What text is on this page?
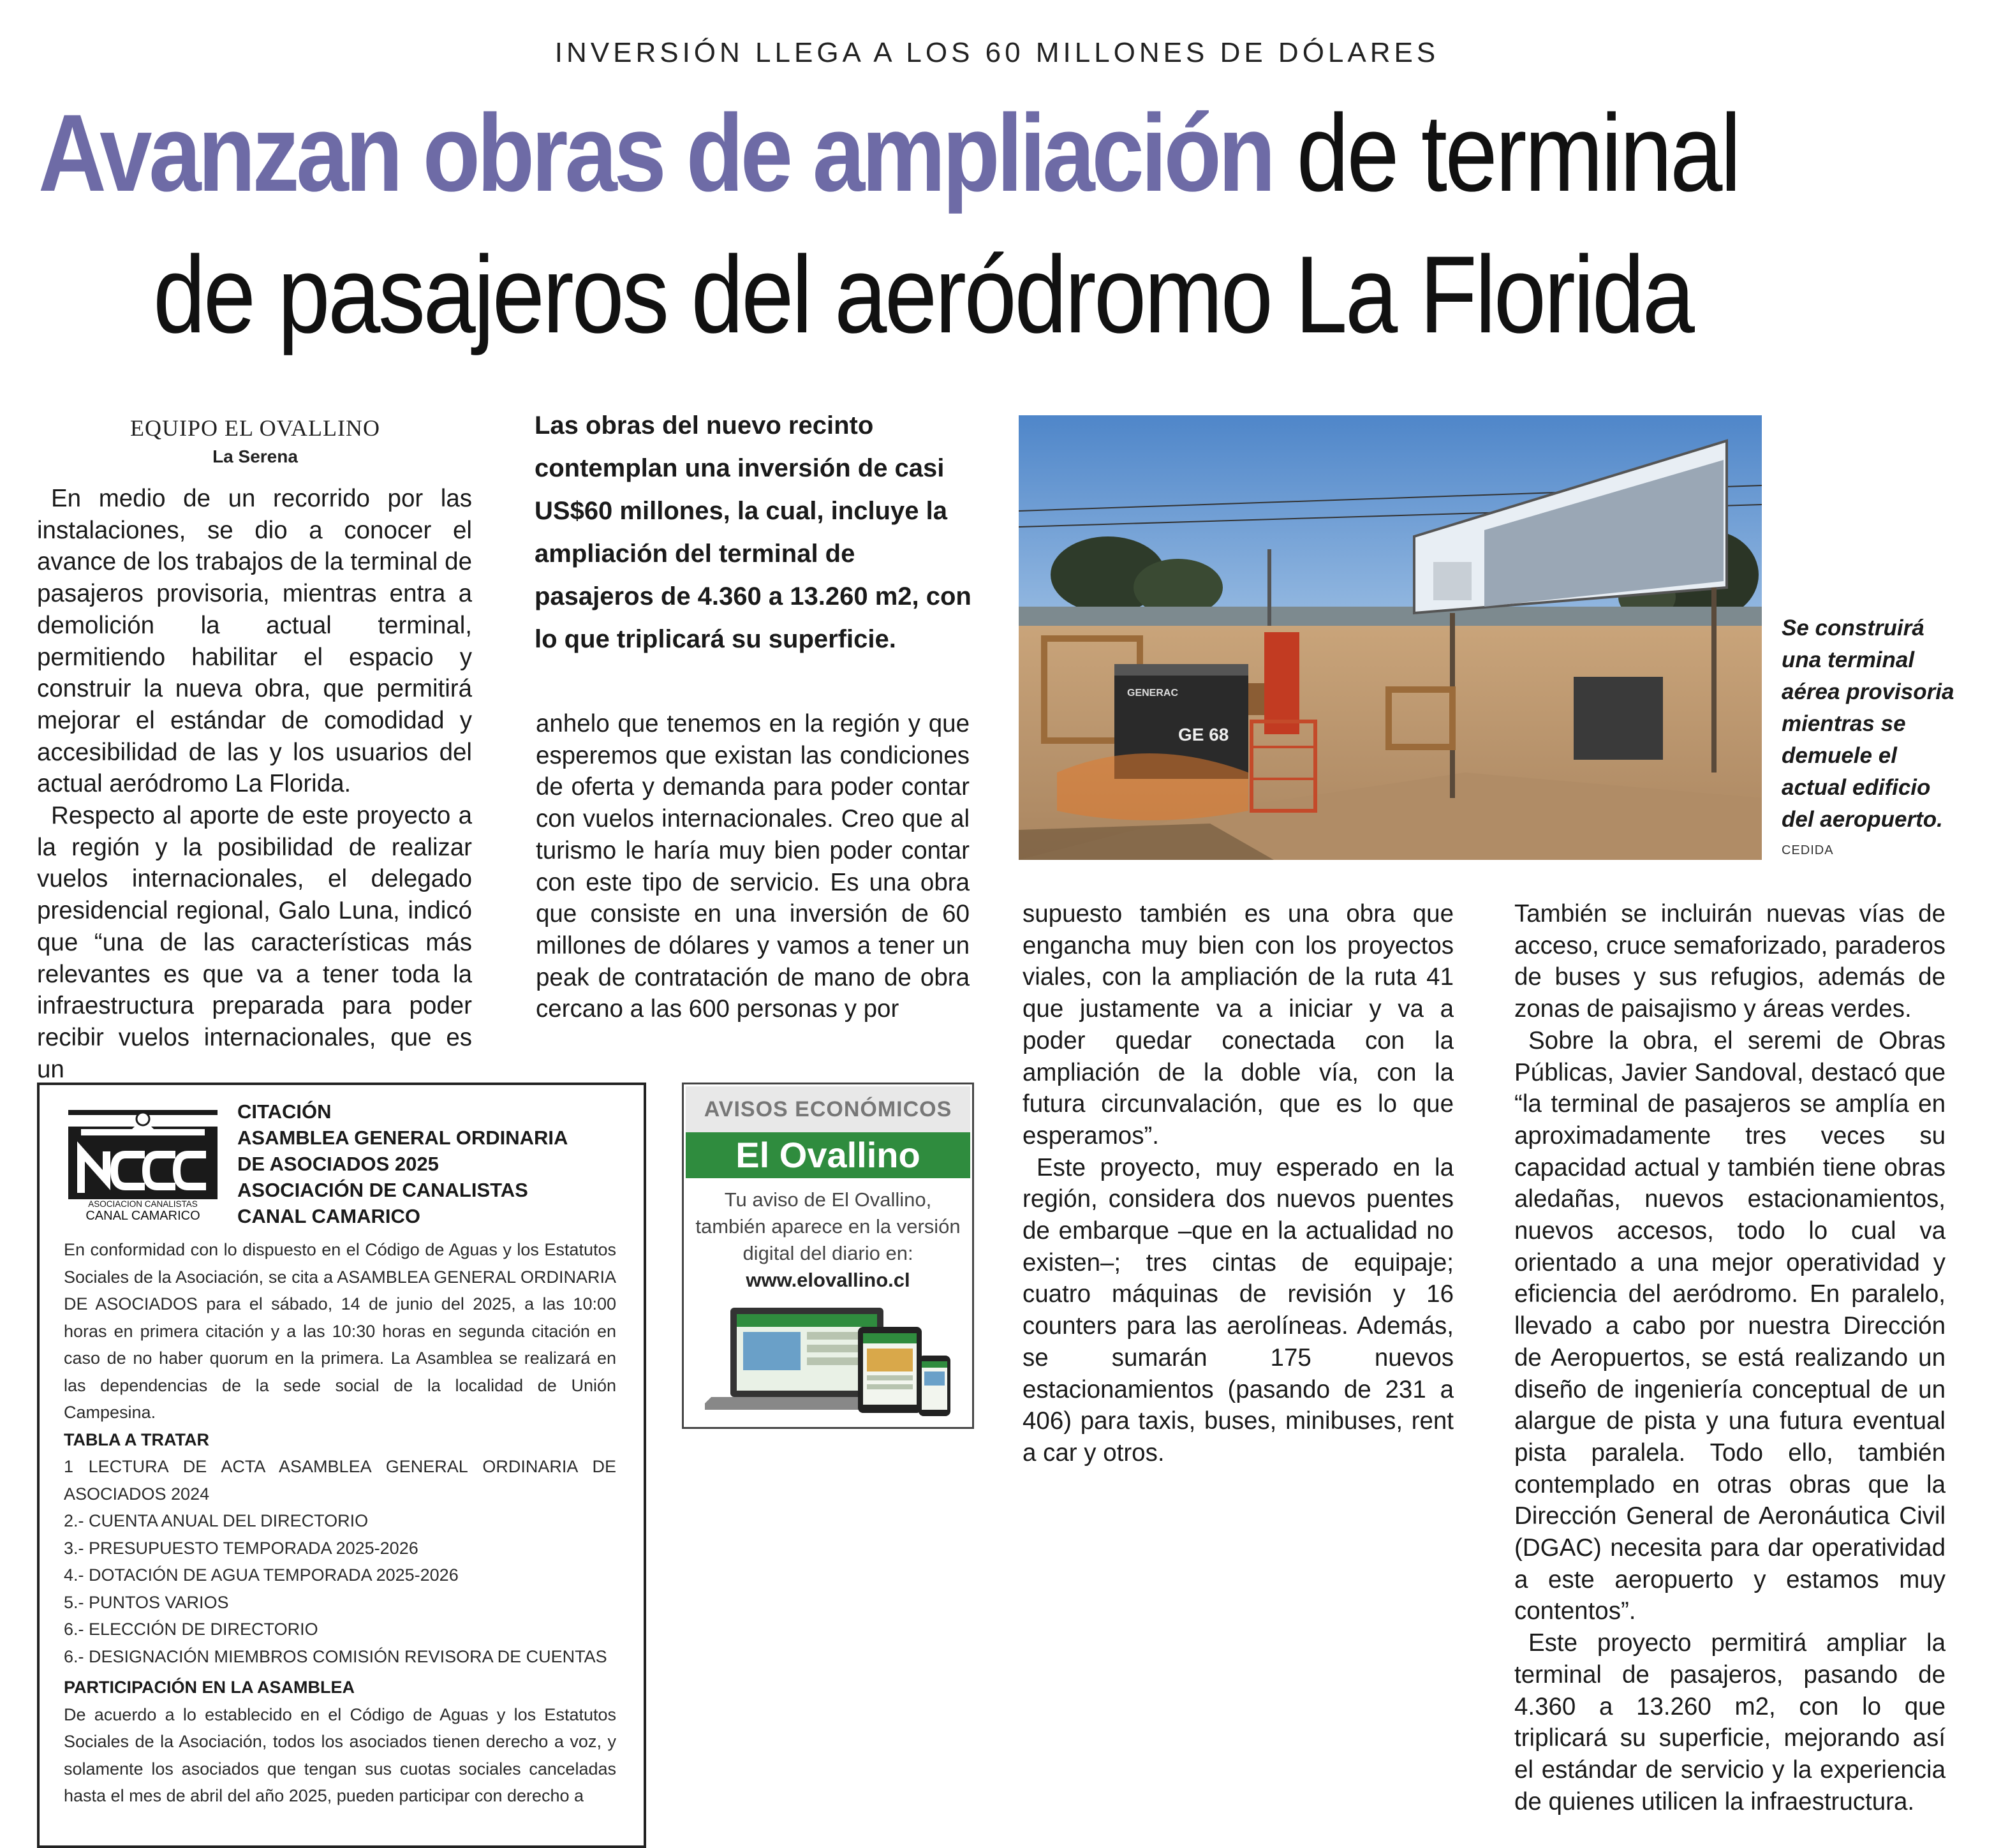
INVERSIÓN LLEGA A LOS 60 MILLONES DE DÓLARES
Avanzan obras de ampliación de terminal
de pasajeros del aeródromo La Florida
EQUIPO EL OVALLINO
La Serena

En medio de un recorrido por las instalaciones, se dio a conocer el avance de los trabajos de la terminal de pasajeros provisoria, mientras entra a demolición la actual terminal, permitiendo habilitar el espacio y construir la nueva obra, que permitirá mejorar el estándar de comodidad y accesibilidad de las y los usuarios del actual aeródromo La Florida.

Respecto al aporte de este proyecto a la región y la posibilidad de realizar vuelos internacionales, el delegado presidencial regional, Galo Luna, indicó que “una de las características más relevantes es que va a tener toda la infraestructura preparada para poder recibir vuelos internacionales, que es un

Las obras del nuevo recinto contemplan una inversión de casi US$60 millones, la cual, incluye la ampliación del terminal de pasajeros de 4.360 a 13.260 m2, con lo que triplicará su superficie.

anhelo que tenemos en la región y que esperemos que existan las condiciones de oferta y demanda para poder contar con vuelos internacionales. Creo que al turismo le haría muy bien poder contar con este tipo de servicio. Es una obra que consiste en una inversión de 60 millones de dólares y vamos a tener un peak de contratación de mano de obra cercano a las 600 personas y por

GENERAC
GE 68
Se construirá una terminal aérea provisoria mientras se demuele el actual edificio del aeropuerto.
CEDIDA

supuesto también es una obra que engancha muy bien con los proyectos viales, con la ampliación de la ruta 41 que justamente va a iniciar y va a poder quedar conectada con la ampliación de la doble vía, con la futura circunvalación, que es lo que esperamos”.

Este proyecto, muy esperado en la región, considera dos nuevos puentes de embarque –que en la actualidad no existen–; tres cintas de equipaje; cuatro máquinas de revisión y 16 counters para las aerolíneas. Además, se sumarán 175 nuevos estacionamientos (pasando de 231 a 406) para taxis, buses, minibuses, rent a car y otros.

También se incluirán nuevas vías de acceso, cruce semaforizado, paraderos de buses y sus refugios, además de zonas de paisajismo y áreas verdes.

Sobre la obra, el seremi de Obras Públicas, Javier Sandoval, destacó que “la terminal de pasajeros se amplía en aproximadamente tres veces su capacidad actual y también tiene obras aledañas, nuevos estacionamientos, nuevos accesos, todo lo cual va orientado a una mejor operatividad y eficiencia del aeródromo. En paralelo, llevado a cabo por nuestra Dirección de Aeropuertos, se está realizando un diseño de ingeniería conceptual de un alargue de pista y una futura eventual pista paralela. Todo ello, también contemplado en otras obras que la Dirección General de Aeronáutica Civil (DGAC) necesita para dar operatividad a este aeropuerto y estamos muy contentos”.

Este proyecto permitirá ampliar la terminal de pasajeros, pasando de 4.360 a 13.260 m2, con lo que triplicará su superficie, mejorando así el estándar de servicio y la experiencia de quienes utilicen la infraestructura.

ASOCIACION CANALISTAS
CANAL CAMARICO
CITACIÓN
ASAMBLEA GENERAL ORDINARIA
DE ASOCIADOS 2025
ASOCIACIÓN DE CANALISTAS
CANAL CAMARICO

En conformidad con lo dispuesto en el Código de Aguas y los Estatutos Sociales de la Asociación, se cita a ASAMBLEA GENERAL ORDINARIA DE ASOCIADOS para el sábado, 14 de junio del 2025, a las 10:00 horas en primera citación y a las 10:30 horas en segunda citación en caso de no haber quorum en la primera. La Asamblea se realizará en las dependencias de la sede social de la localidad de Unión Campesina.

TABLA A TRATAR

1 LECTURA DE ACTA ASAMBLEA GENERAL ORDINARIA DE ASOCIADOS 2024

2.- CUENTA ANUAL DEL DIRECTORIO

3.- PRESUPUESTO TEMPORADA 2025-2026

4.- DOTACIÓN DE AGUA TEMPORADA 2025-2026

5.- PUNTOS VARIOS

6.- ELECCIÓN DE DIRECTORIO

6.- DESIGNACIÓN MIEMBROS COMISIÓN REVISORA DE CUENTAS

PARTICIPACIÓN EN LA ASAMBLEA

De acuerdo a lo establecido en el Código de Aguas y los Estatutos Sociales de la Asociación, todos los asociados tienen derecho a voz, y solamente los asociados que tengan sus cuotas sociales canceladas hasta el mes de abril del año 2025, pueden participar con derecho a

AVISOS ECONÓMICOS
El Ovallino
Tu aviso de El Ovallino, también aparece en la versión digital del diario en: www.elovallino.cl
